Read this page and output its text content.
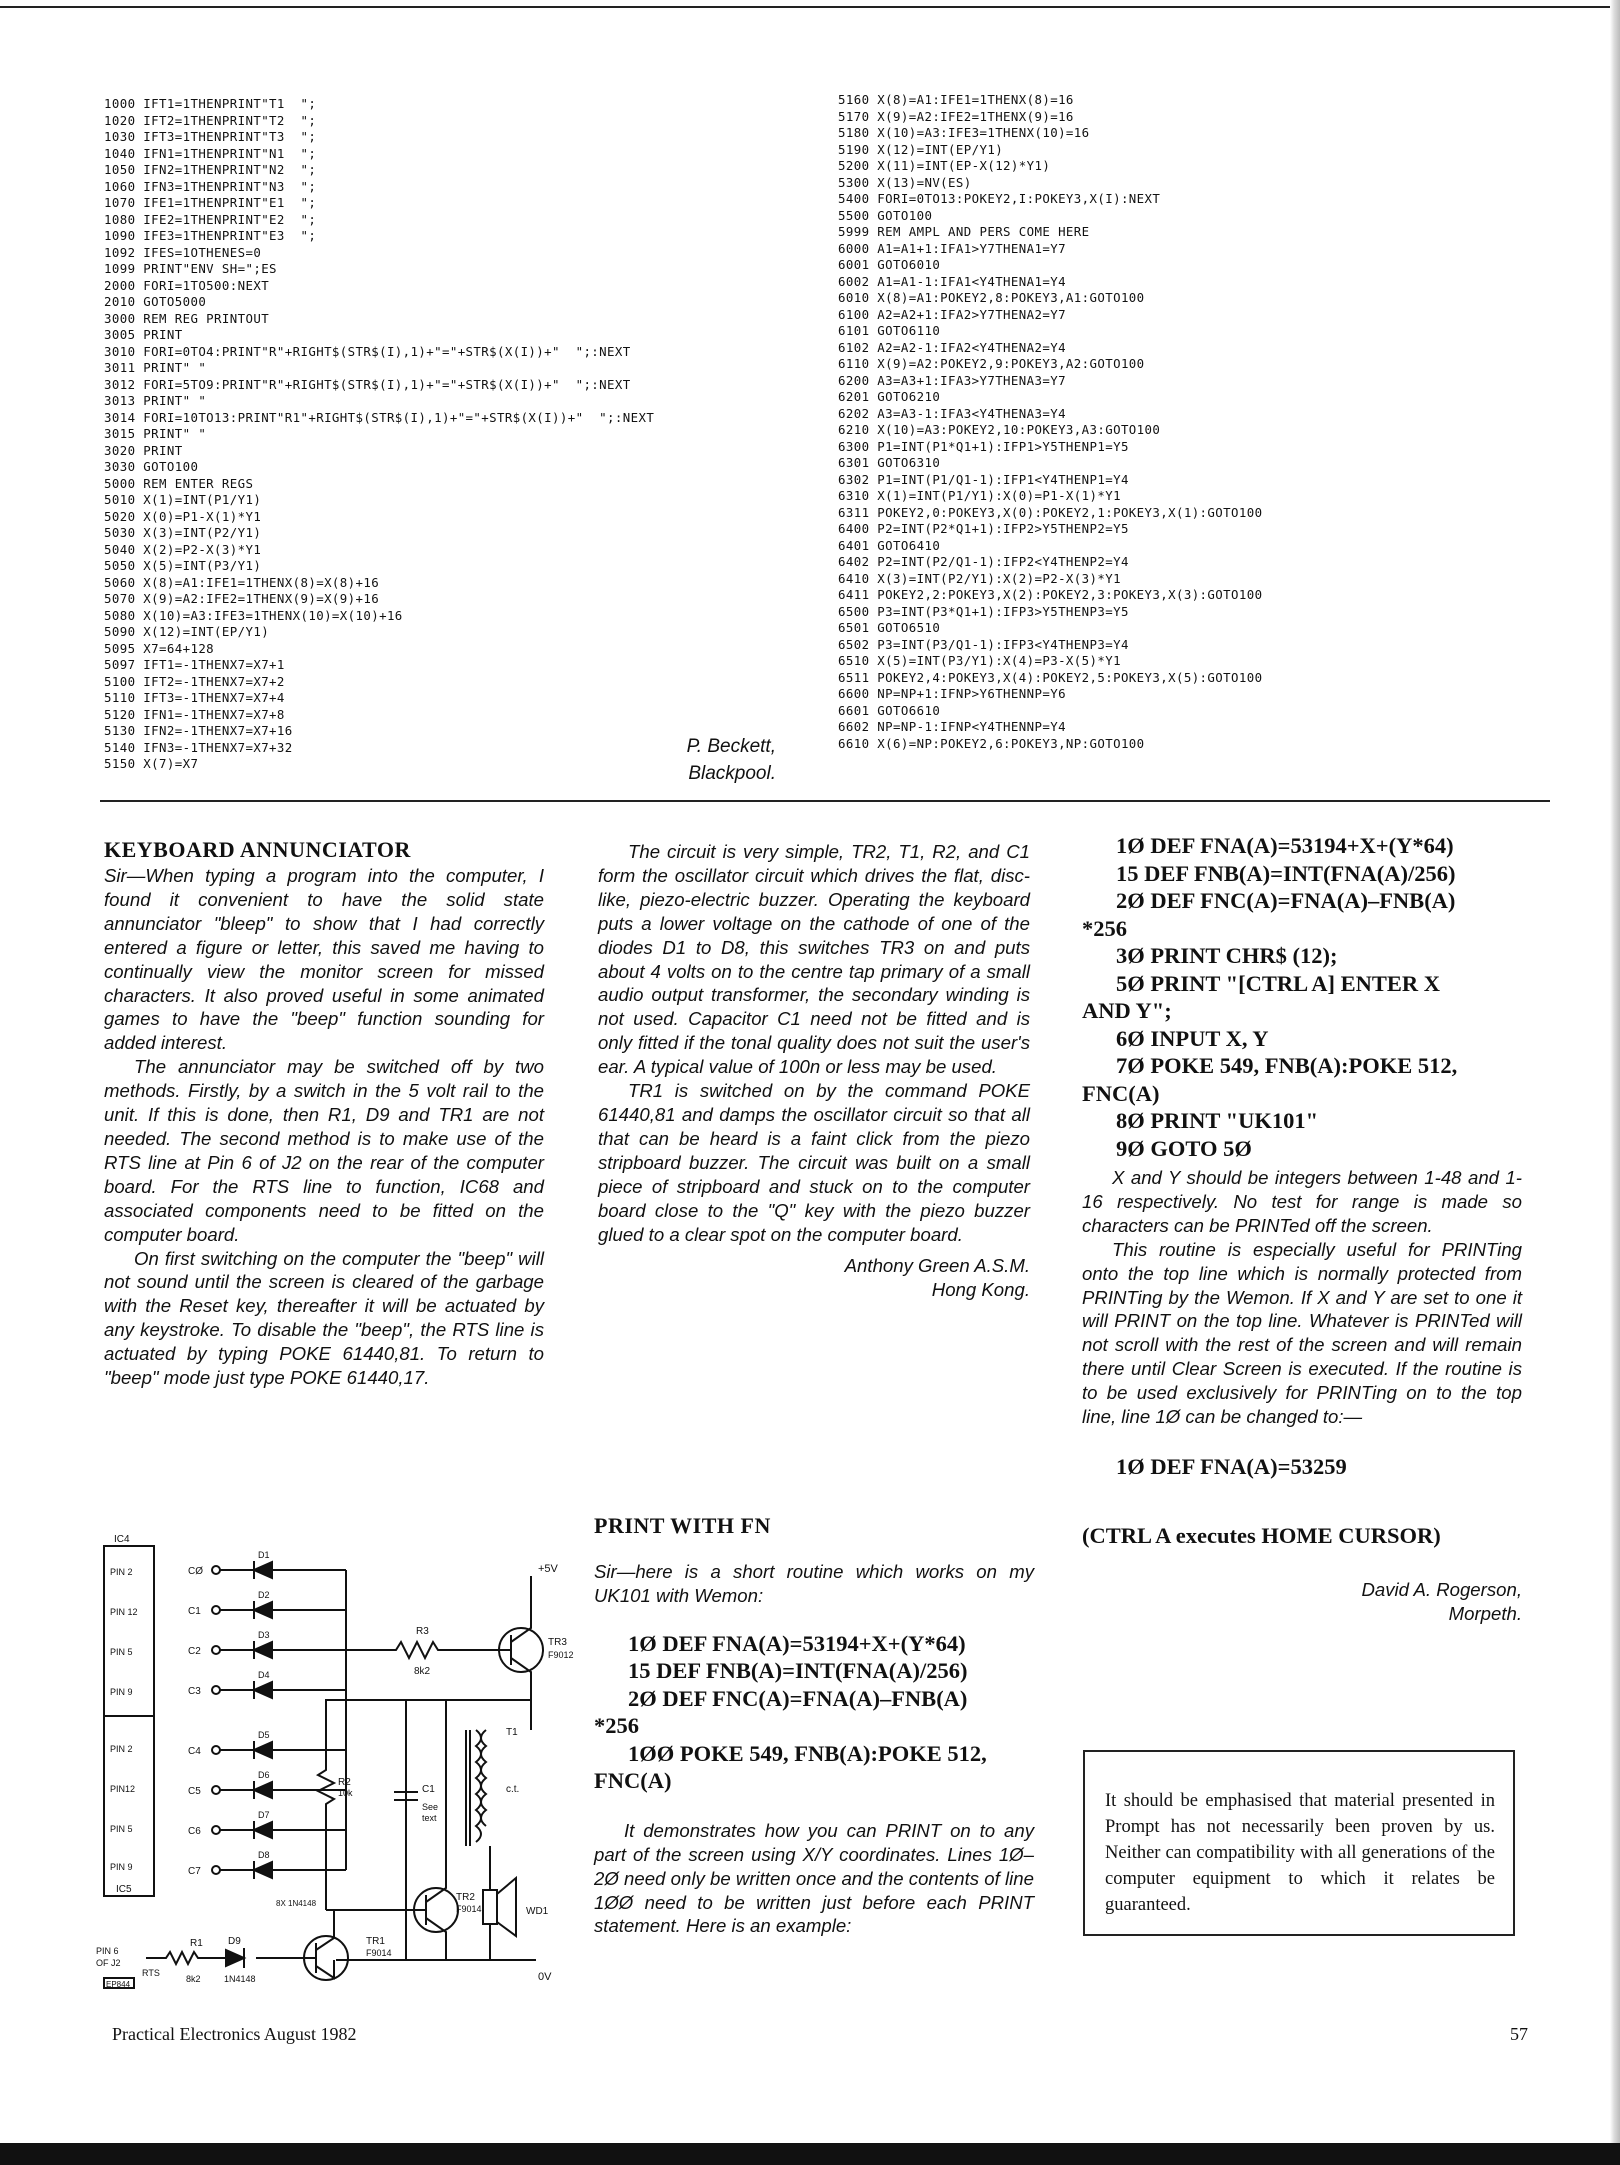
1000 IFT1=1THENPRINT"T1  ";
1020 IFT2=1THENPRINT"T2  ";
1030 IFT3=1THENPRINT"T3  ";
1040 IFN1=1THENPRINT"N1  ";
1050 IFN2=1THENPRINT"N2  ";
1060 IFN3=1THENPRINT"N3  ";
1070 IFE1=1THENPRINT"E1  ";
1080 IFE2=1THENPRINT"E2  ";
1090 IFE3=1THENPRINT"E3  ";
1092 IFES=1OTHENES=0
1099 PRINT"ENV SH=";ES
2000 FORI=1TO500:NEXT
2010 GOTO5000
3000 REM REG PRINTOUT
3005 PRINT
3010 FORI=0TO4:PRINT"R"+RIGHT$(STR$(I),1)+"="+STR$(X(I))+"  ";:NEXT
3011 PRINT" "
3012 FORI=5TO9:PRINT"R"+RIGHT$(STR$(I),1)+"="+STR$(X(I))+"  ";:NEXT
3013 PRINT" "
3014 FORI=10TO13:PRINT"R1"+RIGHT$(STR$(I),1)+"="+STR$(X(I))+"  ";:NEXT
3015 PRINT" "
3020 PRINT
3030 GOTO100
5000 REM ENTER REGS
5010 X(1)=INT(P1/Y1)
5020 X(0)=P1-X(1)*Y1
5030 X(3)=INT(P2/Y1)
5040 X(2)=P2-X(3)*Y1
5050 X(5)=INT(P3/Y1)
5060 X(8)=A1:IFE1=1THENX(8)=X(8)+16
5070 X(9)=A2:IFE2=1THENX(9)=X(9)+16
5080 X(10)=A3:IFE3=1THENX(10)=X(10)+16
5090 X(12)=INT(EP/Y1)
5095 X7=64+128
5097 IFT1=-1THENX7=X7+1
5100 IFT2=-1THENX7=X7+2
5110 IFT3=-1THENX7=X7+4
5120 IFN1=-1THENX7=X7+8
5130 IFN2=-1THENX7=X7+16
5140 IFN3=-1THENX7=X7+32
5150 X(7)=X7
5160 X(8)=A1:IFE1=1THENX(8)=16
5170 X(9)=A2:IFE2=1THENX(9)=16
5180 X(10)=A3:IFE3=1THENX(10)=16
5190 X(12)=INT(EP/Y1)
5200 X(11)=INT(EP-X(12)*Y1)
5300 X(13)=NV(ES)
5400 FORI=0TO13:POKEY2,I:POKEY3,X(I):NEXT
5500 GOTO100
5999 REM AMPL AND PERS COME HERE
6000 A1=A1+1:IFA1>Y7THENA1=Y7
6001 GOTO6010
6002 A1=A1-1:IFA1<Y4THENA1=Y4
6010 X(8)=A1:POKEY2,8:POKEY3,A1:GOTO100
6100 A2=A2+1:IFA2>Y7THENA2=Y7
6101 GOTO6110
6102 A2=A2-1:IFA2<Y4THENA2=Y4
6110 X(9)=A2:POKEY2,9:POKEY3,A2:GOTO100
6200 A3=A3+1:IFA3>Y7THENA3=Y7
6201 GOTO6210
6202 A3=A3-1:IFA3<Y4THENA3=Y4
6210 X(10)=A3:POKEY2,10:POKEY3,A3:GOTO100
6300 P1=INT(P1*Q1+1):IFP1>Y5THENP1=Y5
6301 GOTO6310
6302 P1=INT(P1/Q1-1):IFP1<Y4THENP1=Y4
6310 X(1)=INT(P1/Y1):X(0)=P1-X(1)*Y1
6311 POKEY2,0:POKEY3,X(0):POKEY2,1:POKEY3,X(1):GOTO100
6400 P2=INT(P2*Q1+1):IFP2>Y5THENP2=Y5
6401 GOTO6410
6402 P2=INT(P2/Q1-1):IFP2<Y4THENP2=Y4
6410 X(3)=INT(P2/Y1):X(2)=P2-X(3)*Y1
6411 POKEY2,2:POKEY3,X(2):POKEY2,3:POKEY3,X(3):GOTO100
6500 P3=INT(P3*Q1+1):IFP3>Y5THENP3=Y5
6501 GOTO6510
6502 P3=INT(P3/Q1-1):IFP3<Y4THENP3=Y4
6510 X(5)=INT(P3/Y1):X(4)=P3-X(5)*Y1
6511 POKEY2,4:POKEY3,X(4):POKEY2,5:POKEY3,X(5):GOTO100
6600 NP=NP+1:IFNP>Y6THENNP=Y6
6601 GOTO6610
6602 NP=NP-1:IFNP<Y4THENNP=Y4
6610 X(6)=NP:POKEY2,6:POKEY3,NP:GOTO100
P. Beckett,
Blackpool.
KEYBOARD ANNUNCIATOR

Sir—When typing a program into the computer, I found it convenient to have the solid state annunciator "bleep" to show that I had correctly entered a figure or letter, this saved me having to continually view the monitor screen for missed characters. It also proved useful in some animated games to have the "beep" function sounding for added interest.

The annunciator may be switched off by two methods. Firstly, by a switch in the 5 volt rail to the unit. If this is done, then R1, D9 and TR1 are not needed. The second method is to make use of the RTS line at Pin 6 of J2 on the rear of the computer board. For the RTS line to function, IC68 and associated components need to be fitted on the computer board.

On first switching on the computer the "beep" will not sound until the screen is cleared of the garbage with the Reset key, thereafter it will be actuated by any keystroke. To disable the "beep", the RTS line is actuated by typing POKE 61440,81. To return to "beep" mode just type POKE 61440,17.

The circuit is very simple, TR2, T1, R2, and C1 form the oscillator circuit which drives the flat, disc-like, piezo-electric buzzer. Operating the keyboard puts a lower voltage on the cathode of one of the diodes D1 to D8, this switches TR3 on and puts about 4 volts on to the centre tap primary of a small audio output transformer, the secondary winding is not used. Capacitor C1 need not be fitted and is only fitted if the tonal quality does not suit the user's ear. A typical value of 100n or less may be used.

TR1 is switched on by the command POKE 61440,81 and damps the oscillator circuit so that all that can be heard is a faint click from the piezo stripboard buzzer. The circuit was built on a small piece of stripboard and stuck on to the computer board close to the "Q" key with the piezo buzzer glued to a clear spot on the computer board.

Anthony Green A.S.M.
Hong Kong.
PRINT WITH FN

Sir—here is a short routine which works on my UK101 with Wemon:

1Ø DEF FNA(A)=53194+X+(Y*64)
15 DEF FNB(A)=INT(FNA(A)/256)
2Ø DEF FNC(A)=FNA(A)–FNB(A)
*256
1ØØ POKE 549, FNB(A):POKE 512,
FNC(A)

It demonstrates how you can PRINT on to any part of the screen using X/Y coordinates. Lines 1Ø–2Ø need only be written once and the contents of line 1ØØ need to be written just before each PRINT statement. Here is an example:

1Ø DEF FNA(A)=53194+X+(Y*64)
15 DEF FNB(A)=INT(FNA(A)/256)
2Ø DEF FNC(A)=FNA(A)–FNB(A)
*256
3Ø PRINT CHR$ (12);
5Ø PRINT "[CTRL A] ENTER X
AND Y";
6Ø INPUT X, Y
7Ø POKE 549, FNB(A):POKE 512,
FNC(A)
8Ø PRINT "UK101"
9Ø GOTO 5Ø

X and Y should be integers between 1-48 and 1-16 respectively. No test for range is made so characters can be PRINTed off the screen.

This routine is especially useful for PRINTing onto the top line which is normally protected from PRINTing by the Wemon. If X and Y are set to one it will PRINT on the top line. Whatever is PRINTed will not scroll with the rest of the screen and will remain there until Clear Screen is executed. If the routine is to be used exclusively for PRINTing on to the top line, line 1Ø can be changed to:—

1Ø DEF FNA(A)=53259
(CTRL A executes HOME CURSOR)
David A. Rogerson,
Morpeth.
It should be emphasised that material presented in Prompt has not necessarily been proven by us. Neither can compatibility with all generations of the computer equipment to which it relates be guaranteed.
IC4
PIN 2
PIN 12
PIN 5
PIN 9
PIN 2
PIN12
PIN 5
PIN 9
IC5
CØ
D1
C1
D2
C2
D3
C3
D4
C4
D5
C5
D6
C6
D7
C7
D8
+5V
R3
8k2
TR3
F9012
T1
c.t.
R2
10k	C1
See
text
TR2
F9014	WD1
0V
TR1
F9014
R1
8k2
D9
1N4148
PIN 6
OF J2
RTS
8X 1N4148
EP844
Practical Electronics August 1982	57
